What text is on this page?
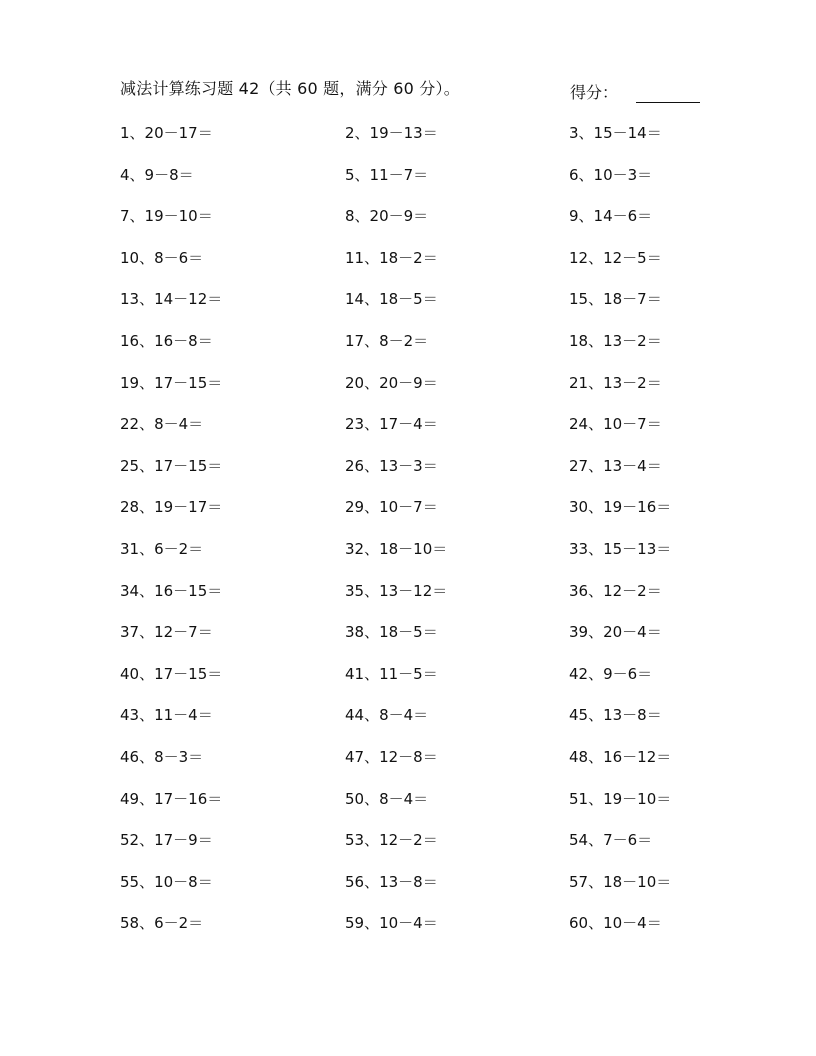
减法计算练习题 42（共 60 题，满分 60 分）。	得分：
1、20－17＝	2、19－13＝	3、15－14＝
4、9－8＝	5、11－7＝	6、10－3＝
7、19－10＝	8、20－9＝	9、14－6＝
10、8－6＝	11、18－2＝	12、12－5＝
13、14－12＝	14、18－5＝	15、18－7＝
16、16－8＝	17、8－2＝	18、13－2＝
19、17－15＝	20、20－9＝	21、13－2＝
22、8－4＝	23、17－4＝	24、10－7＝
25、17－15＝	26、13－3＝	27、13－4＝
28、19－17＝	29、10－7＝	30、19－16＝
31、6－2＝	32、18－10＝	33、15－13＝
34、16－15＝	35、13－12＝	36、12－2＝
37、12－7＝	38、18－5＝	39、20－4＝
40、17－15＝	41、11－5＝	42、9－6＝
43、11－4＝	44、8－4＝	45、13－8＝
46、8－3＝	47、12－8＝	48、16－12＝
49、17－16＝	50、8－4＝	51、19－10＝
52、17－9＝	53、12－2＝	54、7－6＝
55、10－8＝	56、13－8＝	57、18－10＝
58、6－2＝	59、10－4＝	60、10－4＝
